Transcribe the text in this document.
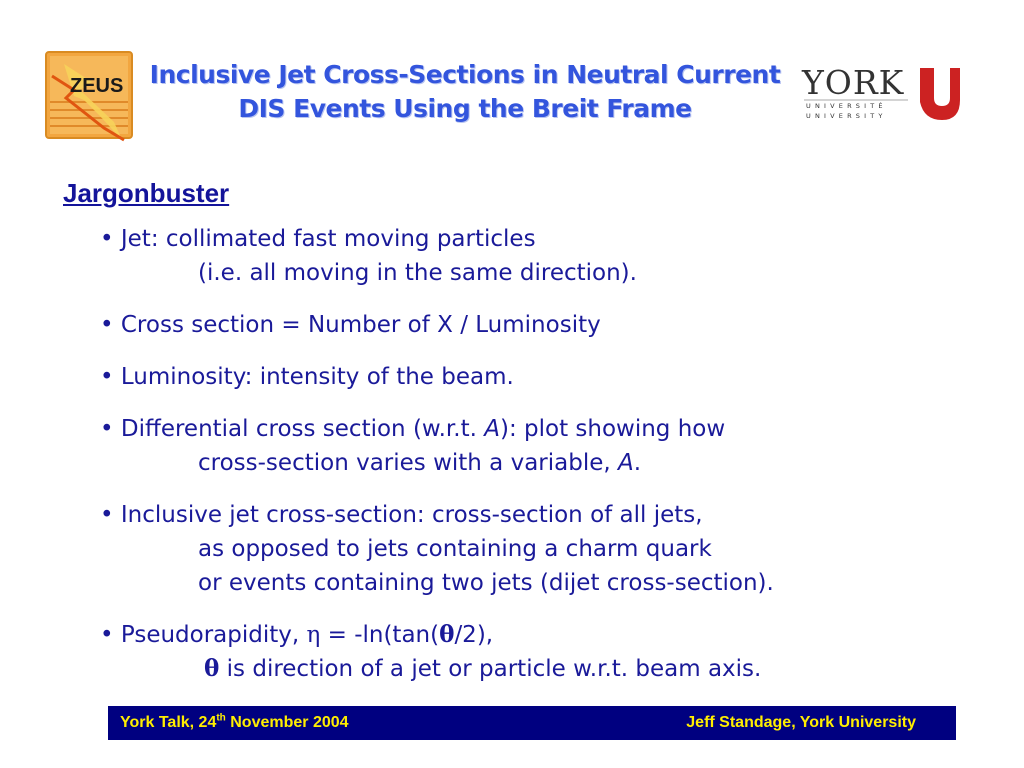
ZEUS	Inclusive Jet Cross-Sections in Neutral Current
DIS Events Using the Breit Frame
YORK
UNIVERSITÉ
UNIVERSITY
U
Jargonbuster
• Jet: collimated fast moving particles
(i.e. all moving in the same direction).
• Cross section = Number of X / Luminosity
• Luminosity: intensity of the beam.
• Differential cross section (w.r.t. A): plot showing how
cross-section varies with a variable, A.
• Inclusive jet cross-section: cross-section of all jets,
as opposed to jets containing a charm quark
or events containing two jets (dijet cross-section).
• Pseudorapidity, η = -ln(tan(θ/2),
θ is direction of a jet or particle w.r.t. beam axis.
York Talk, 24th November 2004	Jeff Standage, York University
